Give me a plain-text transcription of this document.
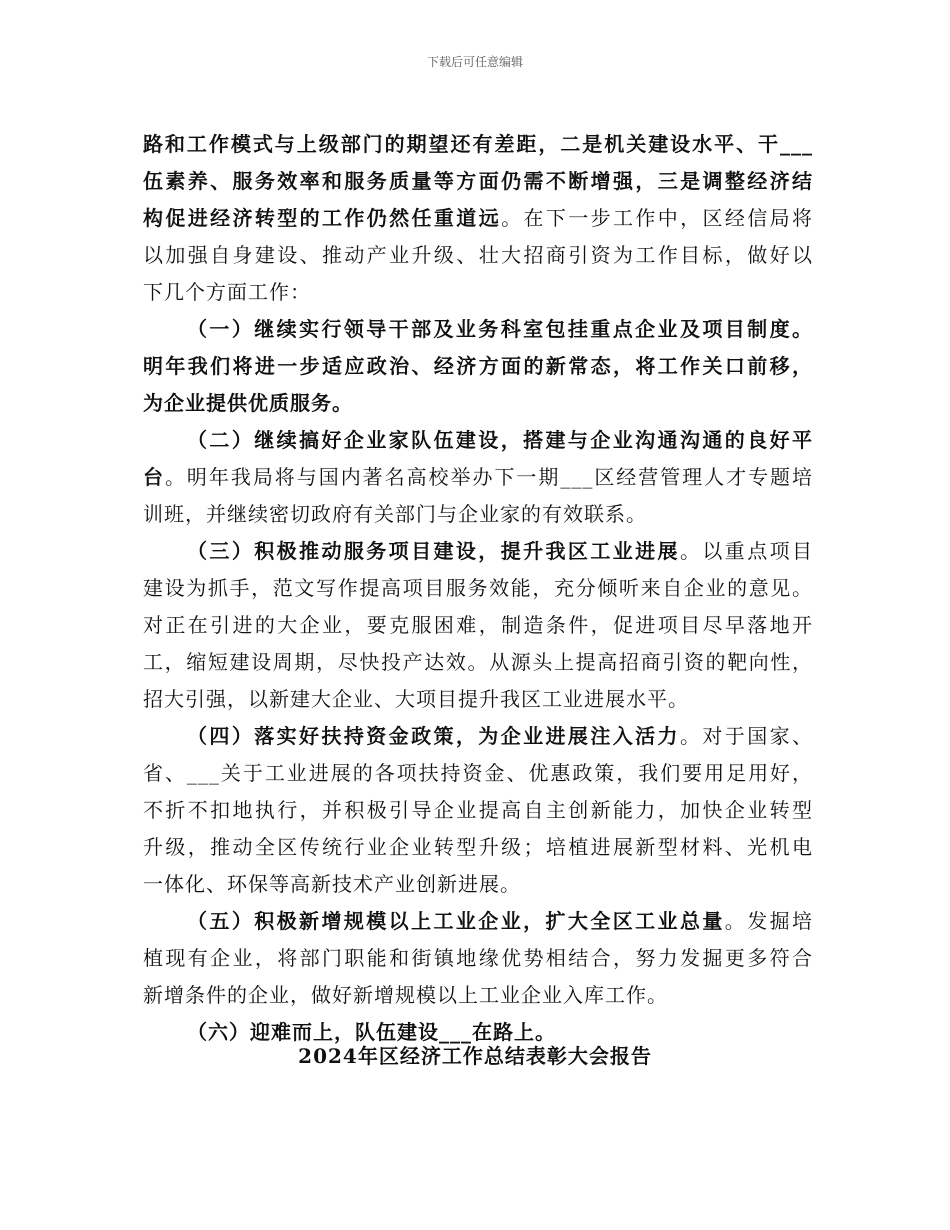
下载后可任意编辑
路和工作模式与上级部门的期望还有差距，二是机关建设水平、干___
伍素养、服务效率和服务质量等方面仍需不断增强，三是调整经济结
构促进经济转型的工作仍然任重道远。在下一步工作中，区经信局将
以加强自身建设、推动产业升级、壮大招商引资为工作目标，做好以
下几个方面工作：
（一）继续实行领导干部及业务科室包挂重点企业及项目制度。
明年我们将进一步适应政治、经济方面的新常态，将工作关口前移，
为企业提供优质服务。
（二）继续搞好企业家队伍建设，搭建与企业沟通沟通的良好平
台。明年我局将与国内著名高校举办下一期___区经营管理人才专题培
训班，并继续密切政府有关部门与企业家的有效联系。
（三）积极推动服务项目建设，提升我区工业进展。以重点项目
建设为抓手，范文写作提高项目服务效能，充分倾听来自企业的意见。
对正在引进的大企业，要克服困难，制造条件，促进项目尽早落地开
工，缩短建设周期，尽快投产达效。从源头上提高招商引资的靶向性，
招大引强，以新建大企业、大项目提升我区工业进展水平。
（四）落实好扶持资金政策，为企业进展注入活力。对于国家、
省、___关于工业进展的各项扶持资金、优惠政策，我们要用足用好，
不折不扣地执行，并积极引导企业提高自主创新能力，加快企业转型
升级，推动全区传统行业企业转型升级；培植进展新型材料、光机电
一体化、环保等高新技术产业创新进展。
（五）积极新增规模以上工业企业，扩大全区工业总量。发掘培
植现有企业，将部门职能和街镇地缘优势相结合，努力发掘更多符合
新增条件的企业，做好新增规模以上工业企业入库工作。
（六）迎难而上，队伍建设___在路上。
2024年区经济工作总结表彰大会报告
